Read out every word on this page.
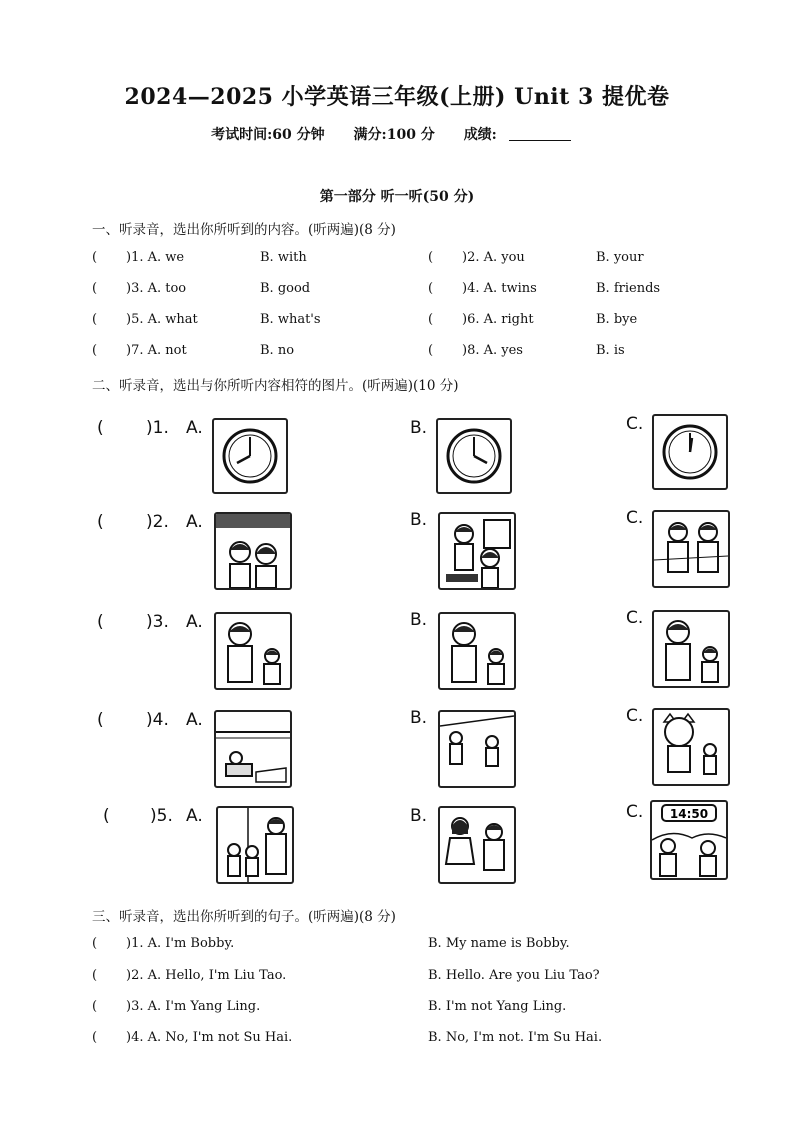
2024—2025 小学英语三年级(上册) Unit 3 提优卷
考试时间:60 分钟 满分:100 分 成绩:
第一部分 听一听(50 分)
一、听录音，选出你所听到的内容。(听两遍)(8 分)
( )1. A. we	B. with	( )2. A. you	B. your
( )3. A. too	B. good	( )4. A. twins	B. friends
( )5. A. what	B. what's	( )6. A. right	B. bye
( )7. A. not	B. no	( )8. A. yes	B. is
二、听录音，选出与你所听内容相符的图片。(听两遍)(10 分)
( )1. A.	B.	C.
( )2. A.	B.	C.
( )3. A.	B.	C.
( )4. A.	B.	C.
( )5. A.	B.	C. 14:50
三、听录音，选出你所听到的句子。(听两遍)(8 分)
( )1. A. I'm Bobby.	B. My name is Bobby.
( )2. A. Hello, I'm Liu Tao.	B. Hello. Are you Liu Tao?
( )3. A. I'm Yang Ling.	B. I'm not Yang Ling.
( )4. A. No, I'm not Su Hai.	B. No, I'm not. I'm Su Hai.
